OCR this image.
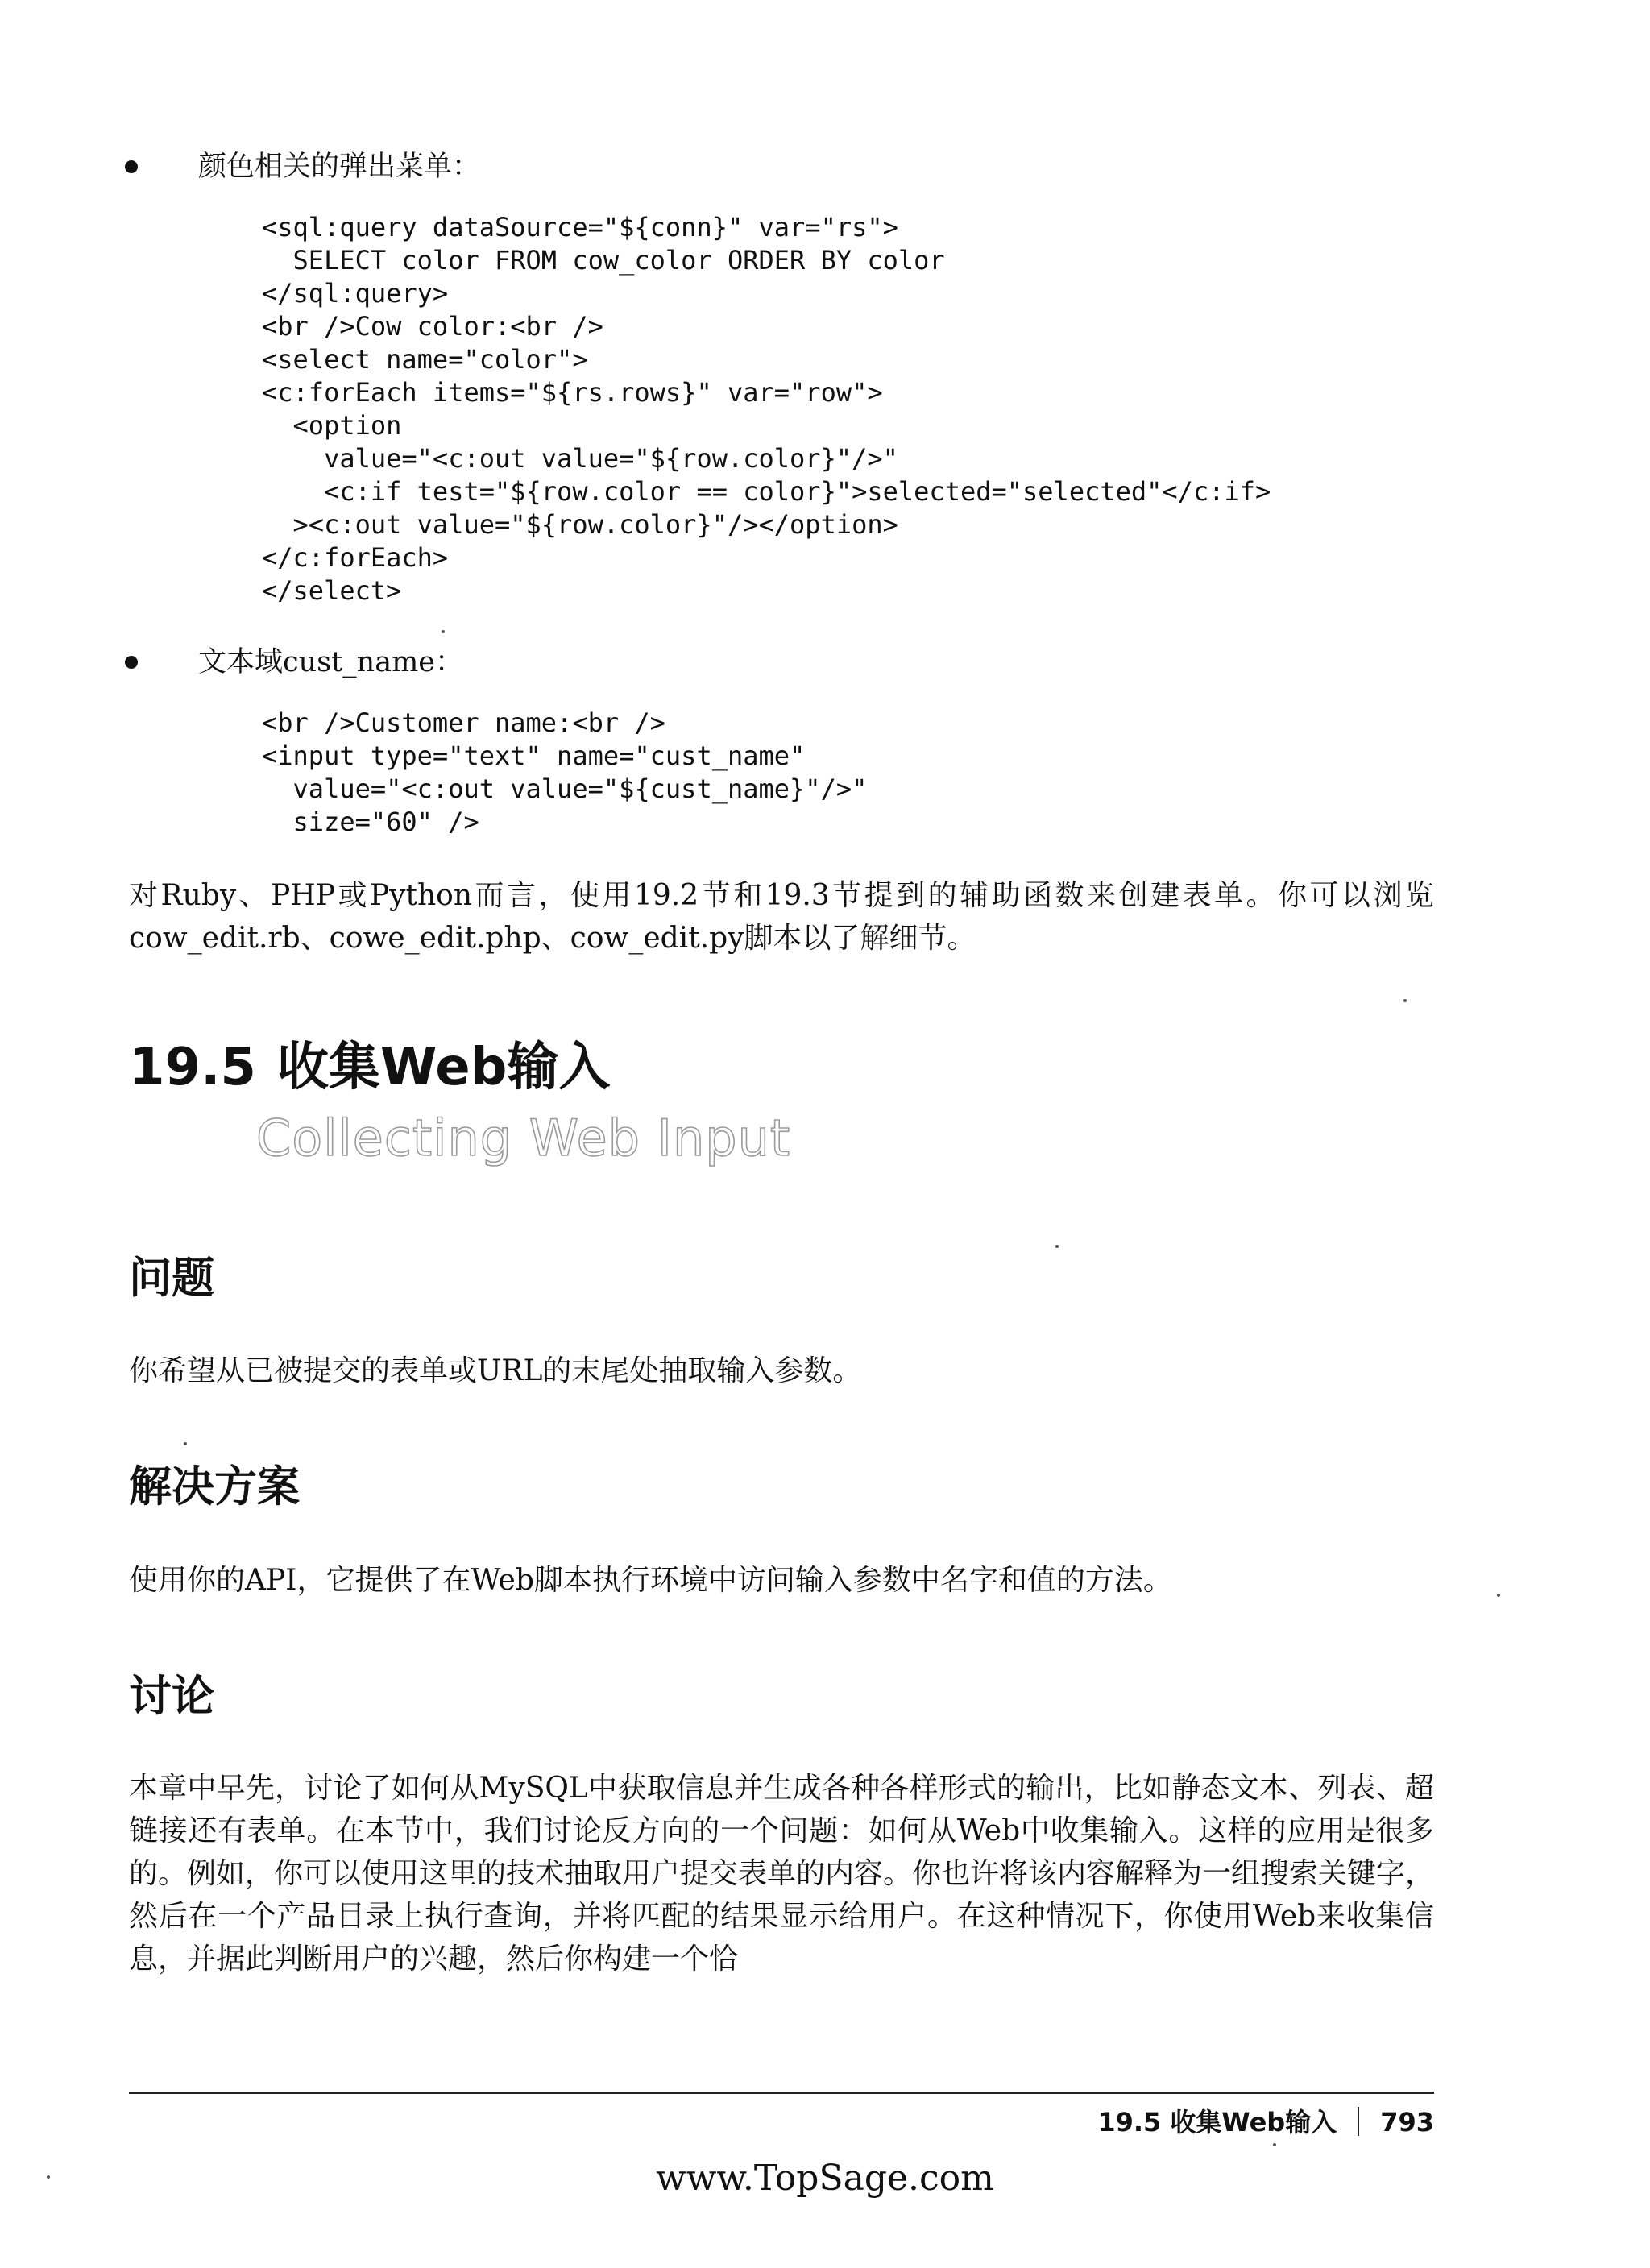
颜色相关的弹出菜单：
<sql:query dataSource="${conn}" var="rs">
SELECT color FROM cow_color ORDER BY color
</sql:query>
<br />Cow color:<br />
<select name="color">
<c:forEach items="${rs.rows}" var="row">
<option
value="<c:out value="${row.color}"/>"
<c:if test="${row.color == color}">selected="selected"</c:if>
><c:out value="${row.color}"/></option>
</c:forEach>
</select>
文本域cust_name：
<br />Customer name:<br />
<input type="text" name="cust_name"
value="<c:out value="${cust_name}"/>"
size="60" />

对Ruby、PHP或Python而言，使用19.2节和19.3节提到的辅助函数来创建表单。你可以浏览cow_edit.rb、cowe_edit.php、cow_edit.py脚本以了解细节。

19.5 收集Web输入
Collecting Web Input
问题

你希望从已被提交的表单或URL的末尾处抽取输入参数。

解决方案

使用你的API，它提供了在Web脚本执行环境中访问输入参数中名字和值的方法。

讨论

本章中早先，讨论了如何从MySQL中获取信息并生成各种各样形式的输出，比如静态文本、列表、超链接还有表单。在本节中，我们讨论反方向的一个问题：如何从Web中收集输入。这样的应用是很多的。例如，你可以使用这里的技术抽取用户提交表单的内容。你也许将该内容解释为一组搜索关键字，然后在一个产品目录上执行查询，并将匹配的结果显示给用户。在这种情况下，你使用Web来收集信息，并据此判断用户的兴趣，然后你构建一个恰

19.5 收集Web输入 793
www.TopSage.com
